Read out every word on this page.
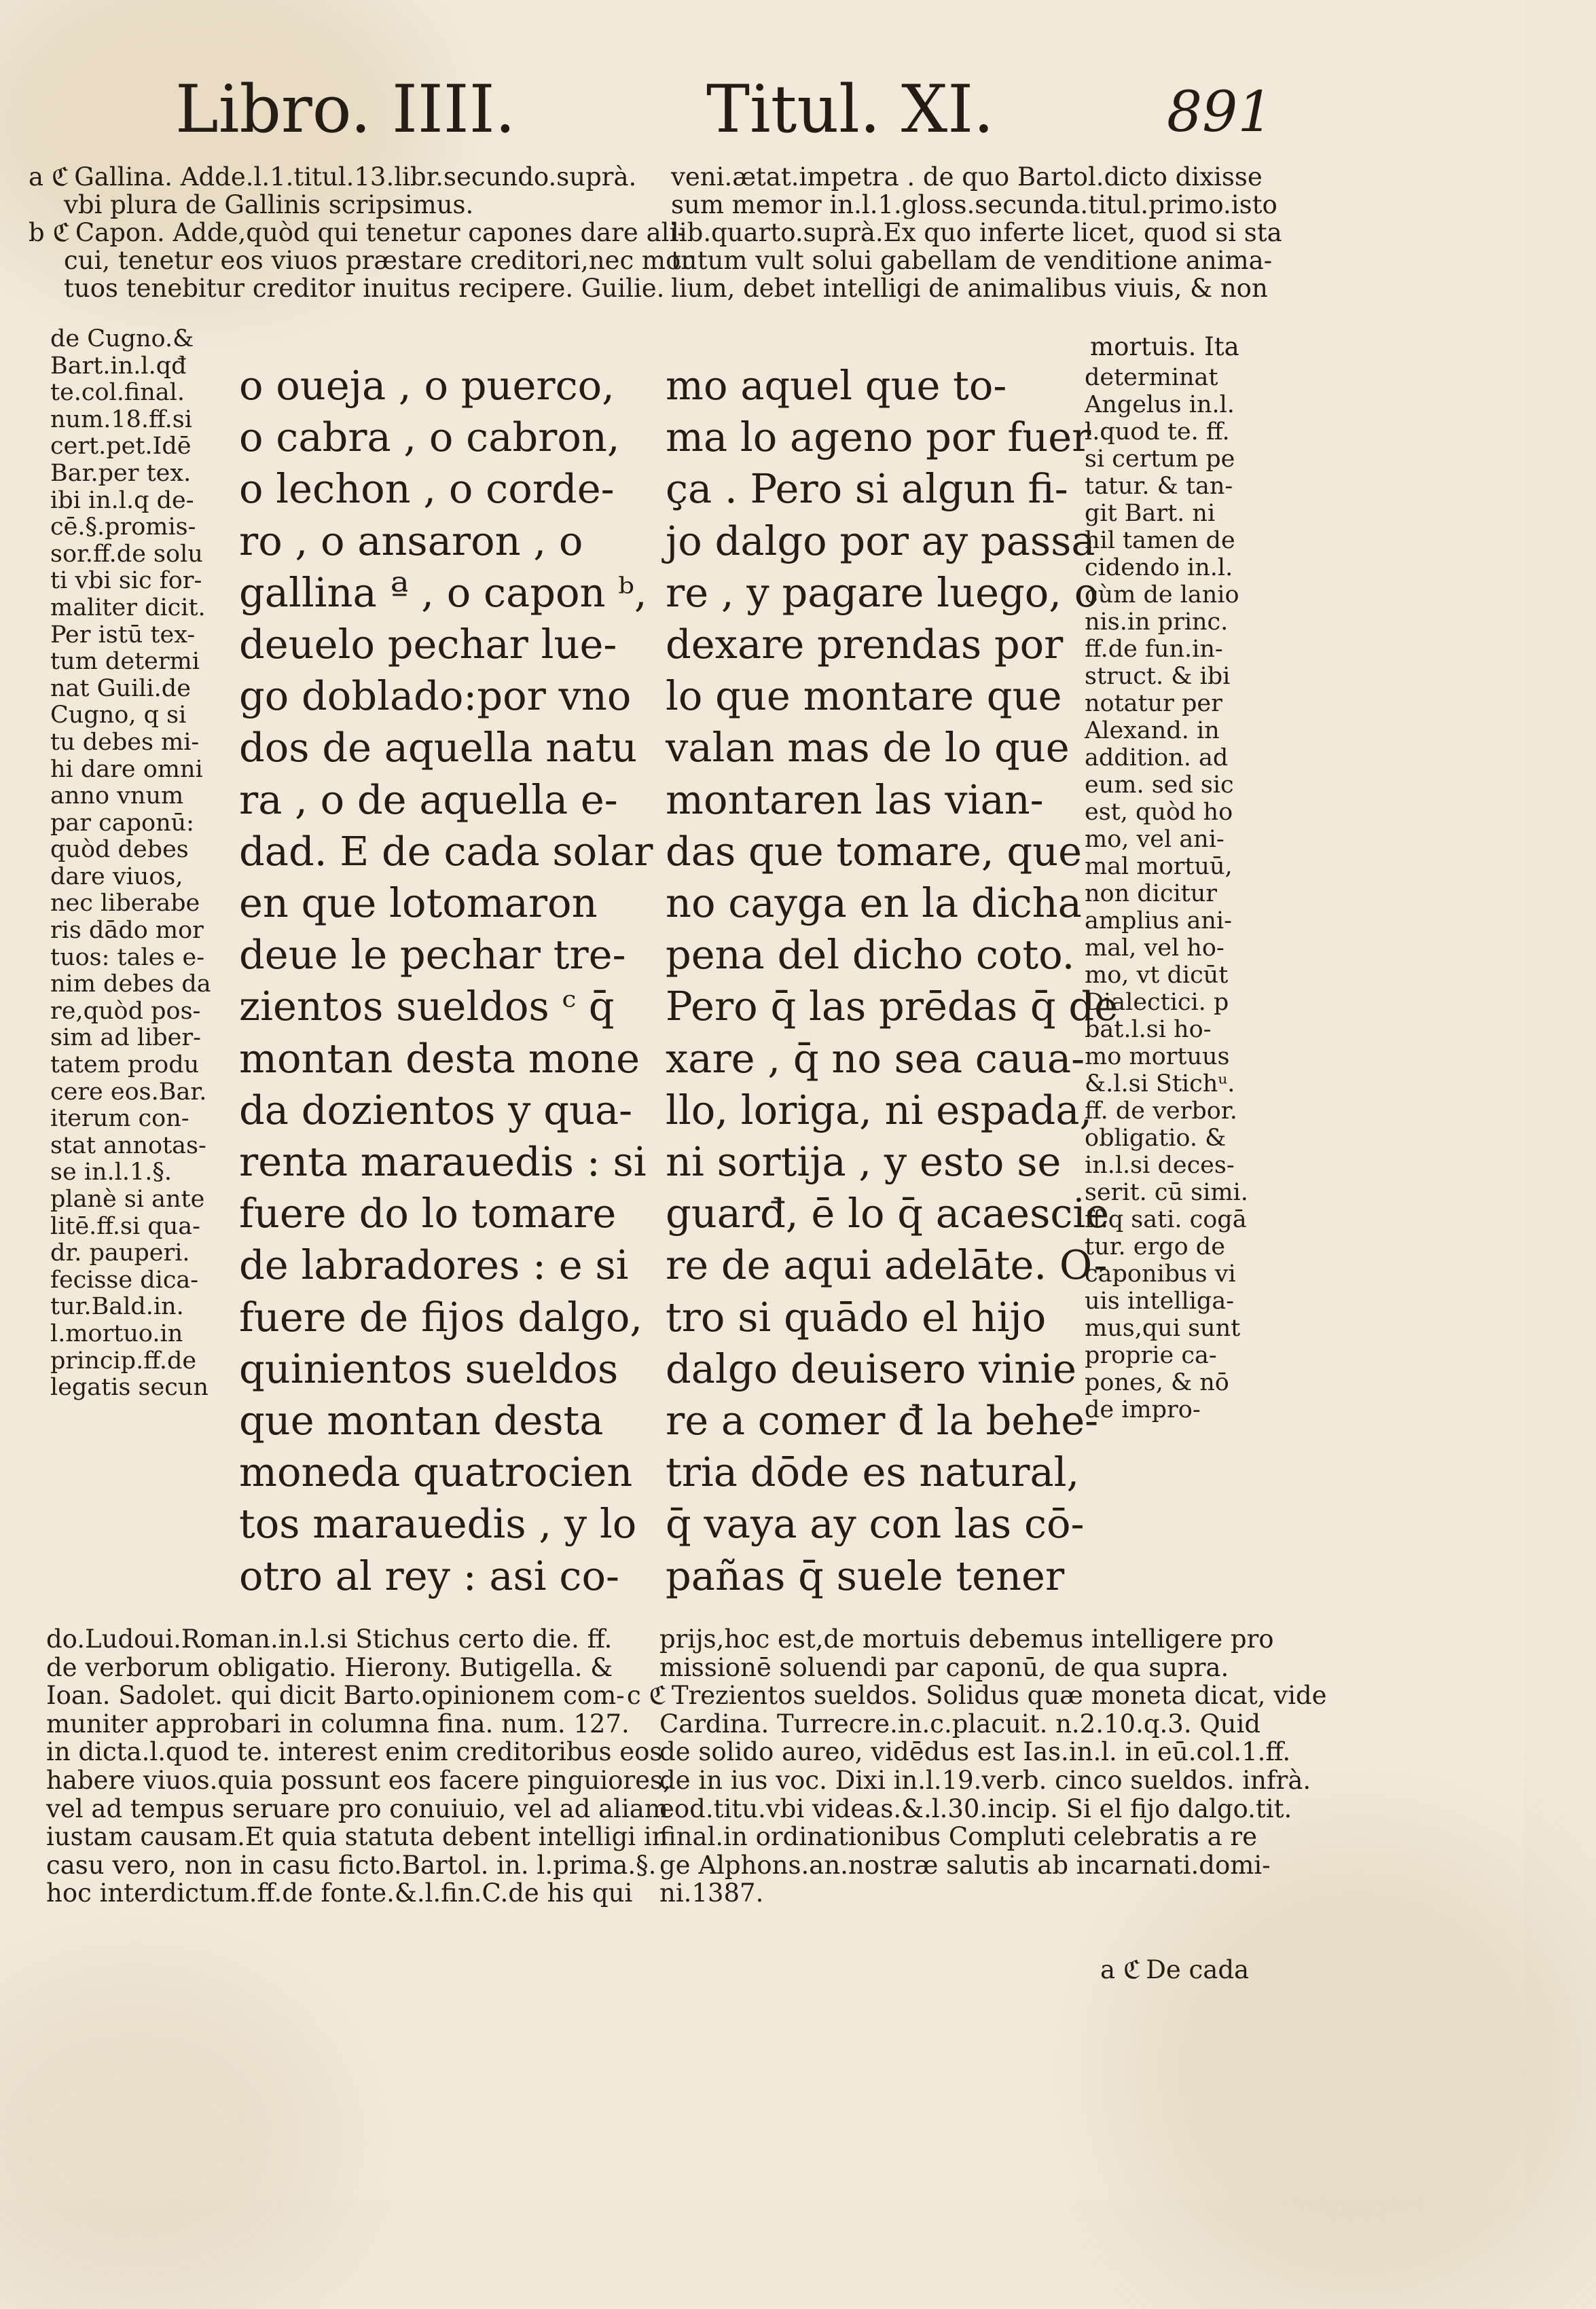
Libro. IIII.	Titul. XI.	891
a ℭ Gallina. Adde.l.1.titul.13.libr.secundo.suprà.
vbi plura de Gallinis scripsimus.
b ℭ Capon. Adde,quòd qui tenetur capones dare ali-
cui, tenetur eos viuos præstare creditori,nec mor
tuos tenebitur creditor inuitus recipere. Guilie.
veni.ætat.impetra . de quo Bartol.dicto dixisse
sum memor in.l.1.gloss.secunda.titul.primo.isto
lib.quarto.suprà.Ex quo inferte licet, quod si sta
tutum vult solui gabellam de venditione anima-
lium, debet intelligi de animalibus viuis, & non
mortuis. Ita
de Cugno.&
Bart.in.l.qđ
te.col.final.
num.18.ff.si
cert.pet.Idē
Bar.per tex.
ibi in.l.q de-
cē.§.promis-
sor.ff.de solu
ti vbi sic for-
maliter dicit.
Per istū tex-
tum determi
nat Guili.de
Cugno, q si
tu debes mi-
hi dare omni
anno vnum
par caponū:
quòd debes
dare viuos,
nec liberabe
ris dādo mor
tuos: tales e-
nim debes da
re,quòd pos-
sim ad liber-
tatem produ
cere eos.Bar.
iterum con-
stat annotas-
se in.l.1.§.
planè si ante
litē.ff.si qua-
dr. pauperi.
fecisse dica-
tur.Bald.in.
l.mortuo.in
princip.ff.de
legatis secun
o oueja , o puerco,
o cabra , o cabron,
o lechon , o corde-
ro , o ansaron , o
gallina ª , o capon ᵇ,
deuelo pechar lue-
go doblado:por vno
dos de aquella natu
ra , o de aquella e-
dad. E de cada solar
en que lotomaron
deue le pechar tre-
zientos sueldos ᶜ q̄
montan desta mone
da dozientos y qua-
renta marauedis : si
fuere do lo tomare
de labradores : e si
fuere de fijos dalgo,
quinientos sueldos
que montan desta
moneda quatrocien
tos marauedis , y lo
otro al rey : asi co-
mo aquel que to-
ma lo ageno por fuer
ça . Pero si algun fi-
jo dalgo por ay passa
re , y pagare luego, o
dexare prendas por
lo que montare que
valan mas de lo que
montaren las vian-
das que tomare, que
no cayga en la dicha
pena del dicho coto.
Pero q̄ las prēdas q̄ de
xare , q̄ no sea caua-
llo, loriga, ni espada,
ni sortija , y esto se
guarđ, ē lo q̄ acaescie
re de aqui adelāte. O-
tro si quādo el hijo
dalgo deuisero vinie
re a comer đ la behe-
tria dōde es natural,
q̄ vaya ay con las cō-
pañas q̄ suele tener
determinat
Angelus in.l.
l.quod te. ff.
si certum pe
tatur. & tan-
git Bart. ni
hil tamen de
cidendo in.l.
cùm de lanio
nis.in princ.
ff.de fun.in-
struct. & ibi
notatur per
Alexand. in
addition. ad
eum. sed sic
est, quòd ho
mo, vel ani-
mal mortuū,
non dicitur
amplius ani-
mal, vel ho-
mo, vt dicūt
Dialectici. p
bat.l.si ho-
mo mortuus
&.l.si Stichᵘ.
ff. de verbor.
obligatio. &
in.l.si deces-
serit. cū simi.
ff.q sati. cogā
tur. ergo de
caponibus vi
uis intelliga-
mus,qui sunt
proprie ca-
pones, & nō
de impro-
do.Ludoui.Roman.in.l.si Stichus certo die. ff.
de verborum obligatio. Hierony. Butigella. &
Ioan. Sadolet. qui dicit Barto.opinionem com-
muniter approbari in columna fina. num. 127.
in dicta.l.quod te. interest enim creditoribus eos
habere viuos.quia possunt eos facere pinguiores,
vel ad tempus seruare pro conuiuio, vel ad aliam
iustam causam.Et quia statuta debent intelligi in
casu vero, non in casu ficto.Bartol. in. l.prima.§.
hoc interdictum.ff.de fonte.&.l.fin.C.de his qui
prijs,hoc est,de mortuis debemus intelligere pro
missionē soluendi par caponū, de qua supra.
c ℭ Trezientos sueldos. Solidus quæ moneta dicat, vide
Cardina. Turrecre.in.c.placuit. n.2.10.q.3. Quid
de solido aureo, vidēdus est Ias.in.l. in eū.col.1.ff.
de in ius voc. Dixi in.l.19.verb. cinco sueldos. infrà.
eod.titu.vbi videas.&.l.30.incip. Si el fijo dalgo.tit.
final.in ordinationibus Compluti celebratis a re
ge Alphons.an.nostræ salutis ab incarnati.domi-
ni.1387.
a ℭ De cada
